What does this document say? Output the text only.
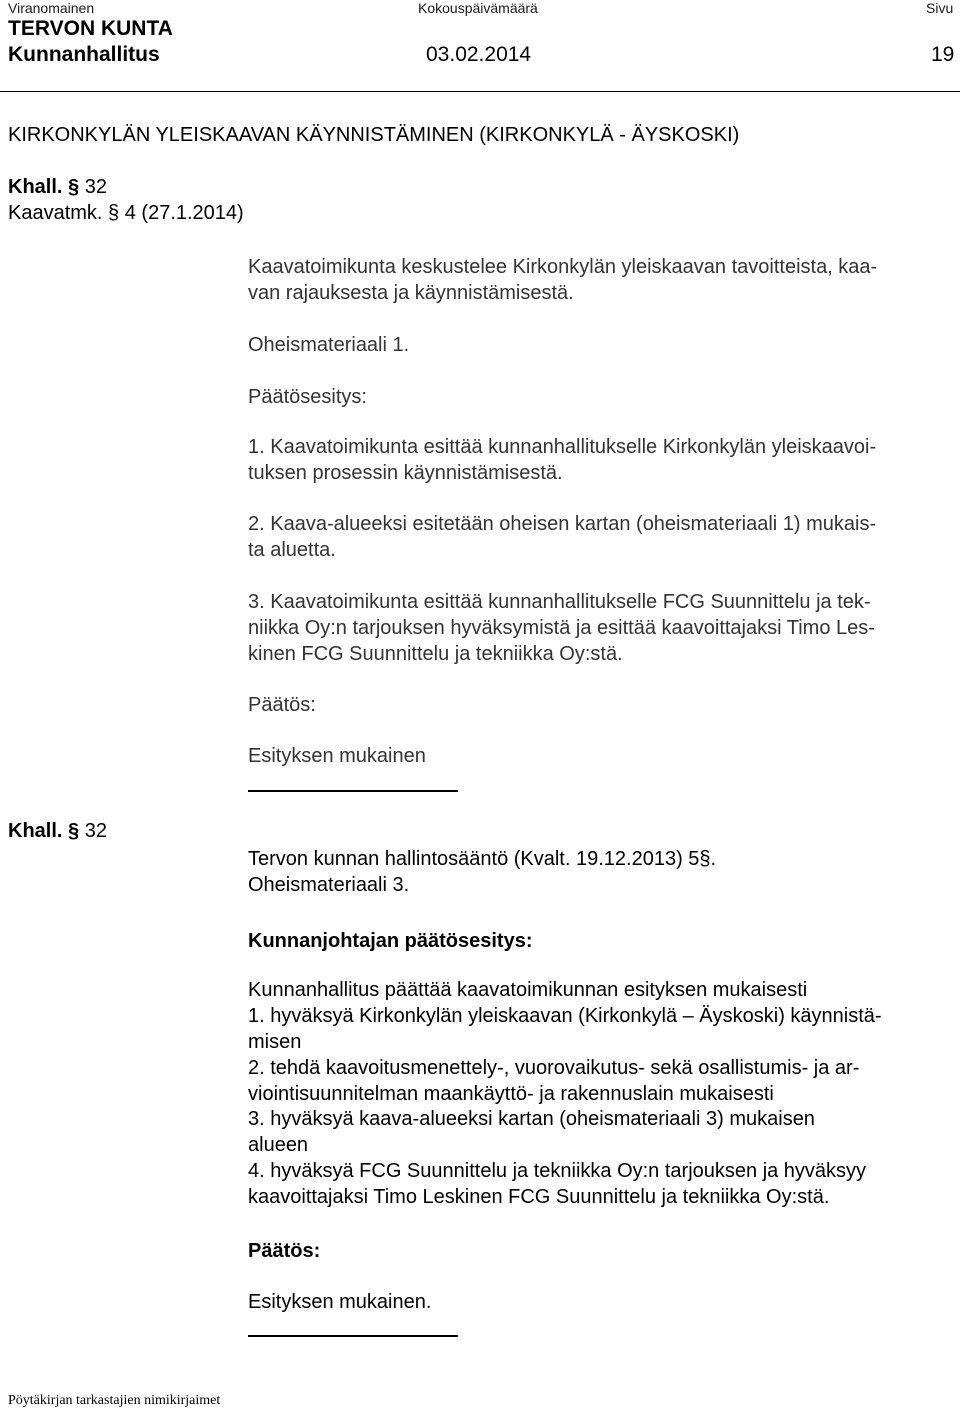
Viranomainen	Kokouspäivämäärä	Sivu
TERVON KUNTA
Kunnanhallitus	03.02.2014	19
KIRKONKYLÄN YLEISKAAVAN KÄYNNISTÄMINEN (KIRKONKYLÄ - ÄYSKOSKI)
Khall. § 32
Kaavatmk. § 4 (27.1.2014)
Kaavatoimikunta keskustelee Kirkonkylän yleiskaavan tavoitteista, kaa-
van rajauksesta ja käynnistämisestä.
Oheismateriaali 1.
Päätösesitys:
1. Kaavatoimikunta esittää kunnanhallitukselle Kirkonkylän yleiskaavoi-
tuksen prosessin käynnistämisestä.
2. Kaava-alueeksi esitetään oheisen kartan (oheismateriaali 1) mukais-
ta aluetta.
3. Kaavatoimikunta esittää kunnanhallitukselle FCG Suunnittelu ja tek-
niikka Oy:n tarjouksen hyväksymistä ja esittää kaavoittajaksi Timo Les-
kinen FCG Suunnittelu ja tekniikka Oy:stä.
Päätös:
Esityksen mukainen
Khall. § 32
Tervon kunnan hallintosääntö (Kvalt. 19.12.2013) 5§.
Oheismateriaali 3.
Kunnanjohtajan päätösesitys:
Kunnanhallitus päättää kaavatoimikunnan esityksen mukaisesti
1. hyväksyä Kirkonkylän yleiskaavan (Kirkonkylä – Äyskoski) käynnistä-
misen
2. tehdä kaavoitusmenettely-, vuorovaikutus- sekä osallistumis- ja ar-
viointisuunnitelman maankäyttö- ja rakennuslain mukaisesti
3. hyväksyä kaava-alueeksi kartan (oheismateriaali 3) mukaisen
alueen
4. hyväksyä FCG Suunnittelu ja tekniikka Oy:n tarjouksen ja hyväksyy
kaavoittajaksi Timo Leskinen FCG Suunnittelu ja tekniikka Oy:stä.
Päätös:
Esityksen mukainen.
Pöytäkirjan tarkastajien nimikirjaimet
